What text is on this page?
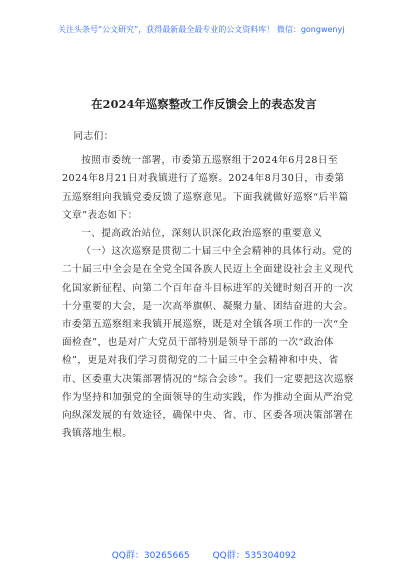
关注头条号“公文研究”，获得最新最全最专业的公文资料库！ 微信：gongwenyj
在2024年巡察整改工作反馈会上的表态发言

同志们：

按照市委统一部署，市委第五巡察组于2024年6月28日至2024年8月21日对我镇进行了巡察。2024年8月30日，市委第五巡察组向我镇党委反馈了巡察意见。下面我就做好巡察“后半篇文章”表态如下：

一、提高政治站位，深刻认识深化政治巡察的重要意义

（一）这次巡察是贯彻二十届三中全会精神的具体行动。党的二十届三中全会是在全党全国各族人民迈上全面建设社会主义现代化国家新征程、向第二个百年奋斗目标进军的关键时刻召开的一次十分重要的大会，是一次高举旗帜、凝聚力量、团结奋进的大会。市委第五巡察组来我镇开展巡察，既是对全镇各项工作的一次“全面检查”，也是对广大党员干部特别是领导干部的一次“政治体检”，更是对我们学习贯彻党的二十届三中全会精神和中央、省市、区委重大决策部署情况的“综合会诊”。我们一定要把这次巡察作为坚持和加强党的全面领导的生动实践，作为推动全面从严治党向纵深发展的有效途径，确保中央、省、市、区委各项决策部署在我镇落地生根。

QQ群：30265665	QQ群：535304092
